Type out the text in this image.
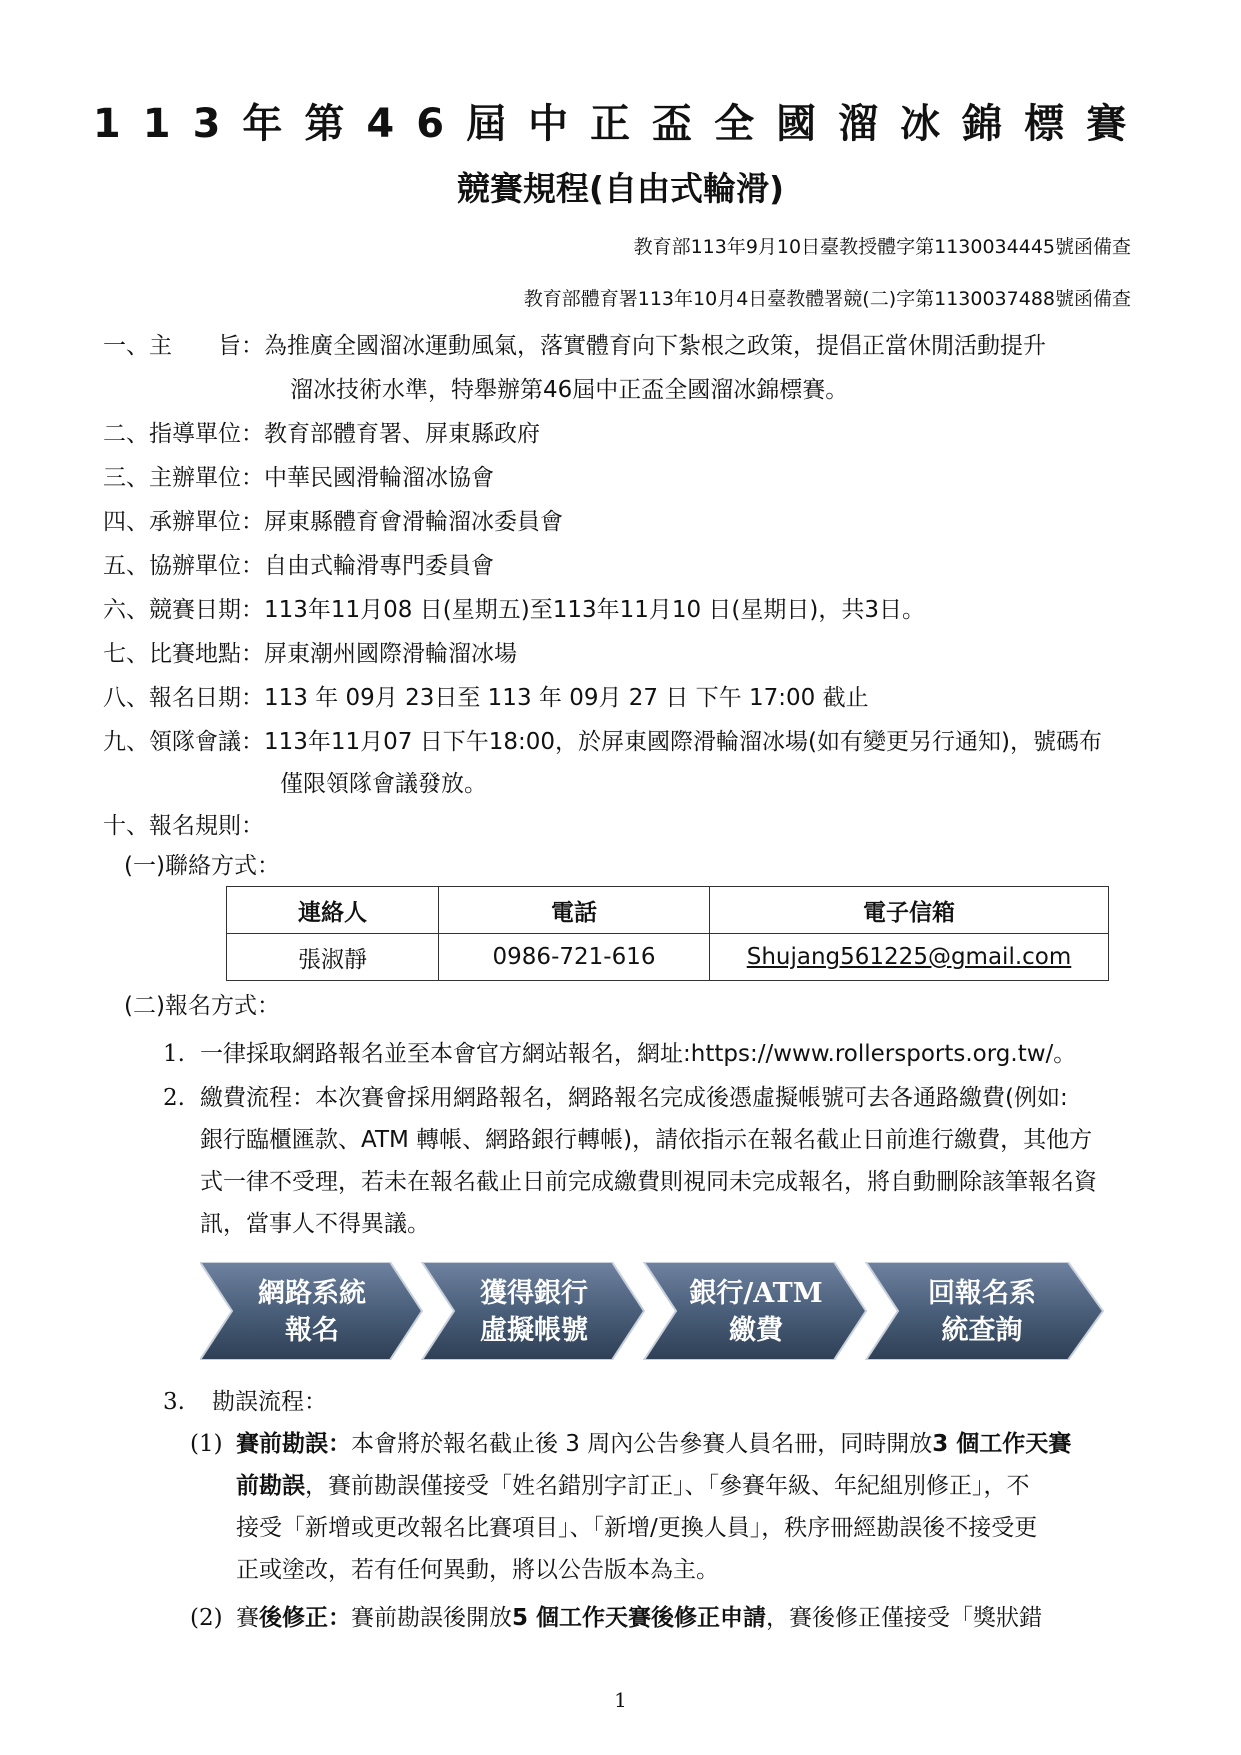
113年第46屆中正盃全國溜冰錦標賽
競賽規程(自由式輪滑)
教育部113年9月10日臺教授體字第1130034445號函備查
教育部體育署113年10月4日臺教體署競(二)字第1130037488號函備查
一、主　　旨：為推廣全國溜冰運動風氣，落實體育向下紮根之政策，提倡正當休閒活動提升
溜冰技術水準，特舉辦第46屆中正盃全國溜冰錦標賽。
二、指導單位：教育部體育署、屏東縣政府
三、主辦單位：中華民國滑輪溜冰協會
四、承辦單位：屏東縣體育會滑輪溜冰委員會
五、協辦單位：自由式輪滑專門委員會
六、競賽日期：113年11月08 日(星期五)至113年11月10 日(星期日)，共3日。
七、比賽地點：屏東潮州國際滑輪溜冰場
八、報名日期：113 年 09月 23日至 113 年 09月 27 日 下午 17:00 截止
九、領隊會議：113年11月07 日下午18:00，於屏東國際滑輪溜冰場(如有變更另行通知)，號碼布
僅限領隊會議發放。
十、報名規則：
(一)聯絡方式：
連絡人	電話	電子信箱
張淑靜	0986-721-616	Shujang561225@gmail.com
(二)報名方式：
1. 一律採取網路報名並至本會官方網站報名，網址:https://www.rollersports.org.tw/。
2. 繳費流程：本次賽會採用網路報名，網路報名完成後憑虛擬帳號可去各通路繳費(例如:
銀行臨櫃匯款、ATM 轉帳、網路銀行轉帳)，請依指示在報名截止日前進行繳費，其他方
式一律不受理，若未在報名截止日前完成繳費則視同未完成報名，將自動刪除該筆報名資
訊，當事人不得異議。
網路系統
報名
獲得銀行
虛擬帳號
銀行/ATM
繳費
回報名系
統查詢
3. 勘誤流程：
(1) 賽前勘誤：本會將於報名截止後 3 周內公告參賽人員名冊，同時開放3 個工作天賽
前勘誤，賽前勘誤僅接受「姓名錯別字訂正」、「參賽年級、年紀組別修正」，不
接受「新增或更改報名比賽項目」、「新增/更換人員」，秩序冊經勘誤後不接受更
正或塗改，若有任何異動，將以公告版本為主。
(2) 賽後修正：賽前勘誤後開放5 個工作天賽後修正申請，賽後修正僅接受「獎狀錯
1
